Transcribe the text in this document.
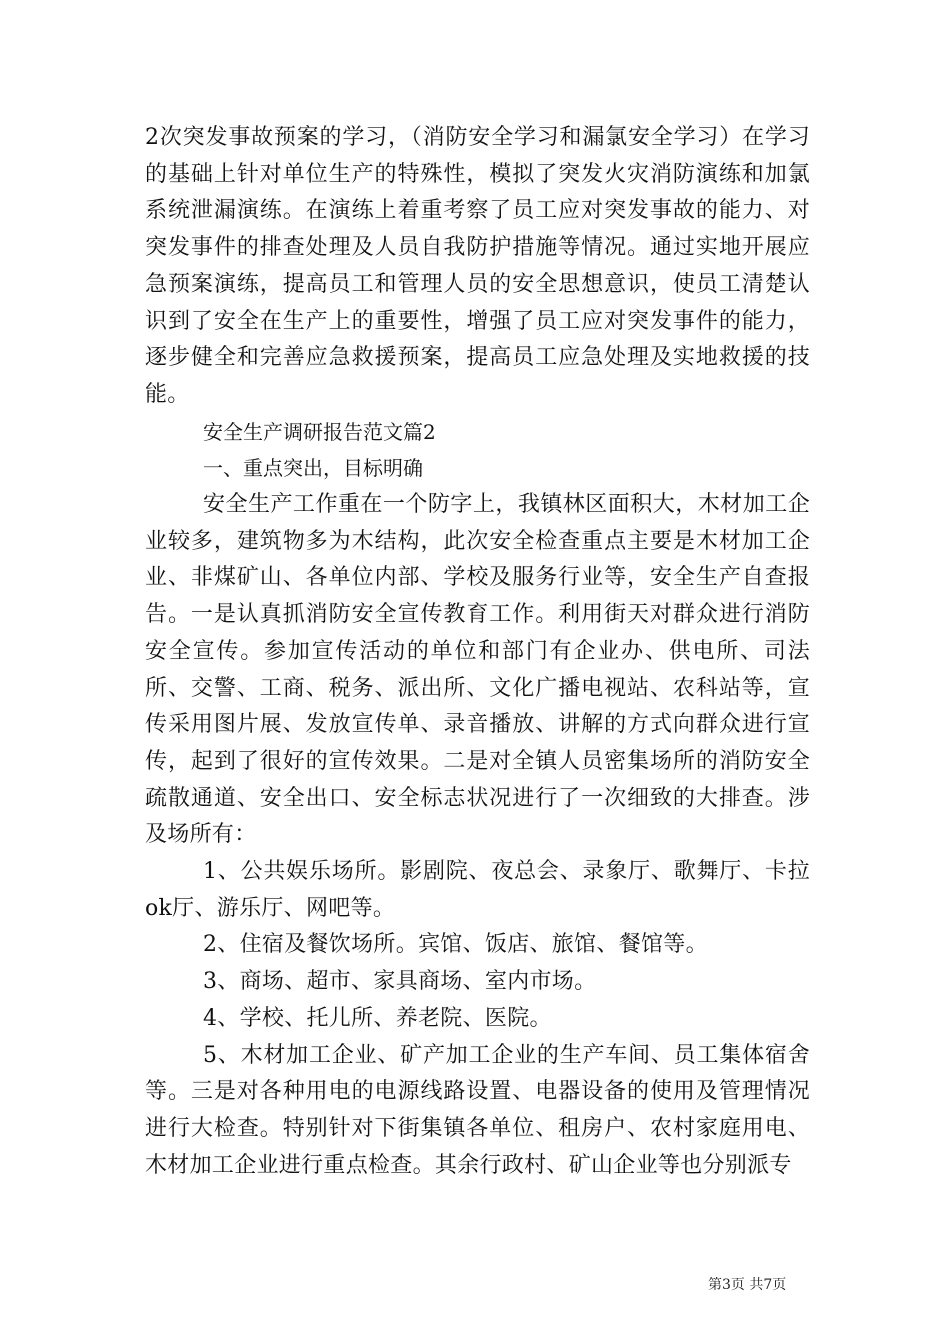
2次突发事故预案的学习，（消防安全学习和漏氯安全学习）在学习的基础上针对单位生产的特殊性，模拟了突发火灾消防演练和加氯系统泄漏演练。在演练上着重考察了员工应对突发事故的能力、对突发事件的排查处理及人员自我防护措施等情况。通过实地开展应急预案演练，提高员工和管理人员的安全思想意识，使员工清楚认识到了安全在生产上的重要性，增强了员工应对突发事件的能力，逐步健全和完善应急救援预案，提高员工应急处理及实地救援的技能。

安全生产调研报告范文篇2

一、重点突出，目标明确

安全生产工作重在一个防字上，我镇林区面积大，木材加工企业较多，建筑物多为木结构，此次安全检查重点主要是木材加工企业、非煤矿山、各单位内部、学校及服务行业等，安全生产自查报告。一是认真抓消防安全宣传教育工作。利用街天对群众进行消防安全宣传。参加宣传活动的单位和部门有企业办、供电所、司法所、交警、工商、税务、派出所、文化广播电视站、农科站等，宣传采用图片展、发放宣传单、录音播放、讲解的方式向群众进行宣传，起到了很好的宣传效果。二是对全镇人员密集场所的消防安全疏散通道、安全出口、安全标志状况进行了一次细致的大排查。涉及场所有：

1、公共娱乐场所。影剧院、夜总会、录象厅、歌舞厅、卡拉ok厅、游乐厅、网吧等。

2、住宿及餐饮场所。宾馆、饭店、旅馆、餐馆等。

3、商场、超市、家具商场、室内市场。

4、学校、托儿所、养老院、医院。

5、木材加工企业、矿产加工企业的生产车间、员工集体宿舍等。三是对各种用电的电源线路设置、电器设备的使用及管理情况进行大检查。特别针对下街集镇各单位、租房户、农村家庭用电、木材加工企业进行重点检查。其余行政村、矿山企业等也分别派专

第3页 共7页
